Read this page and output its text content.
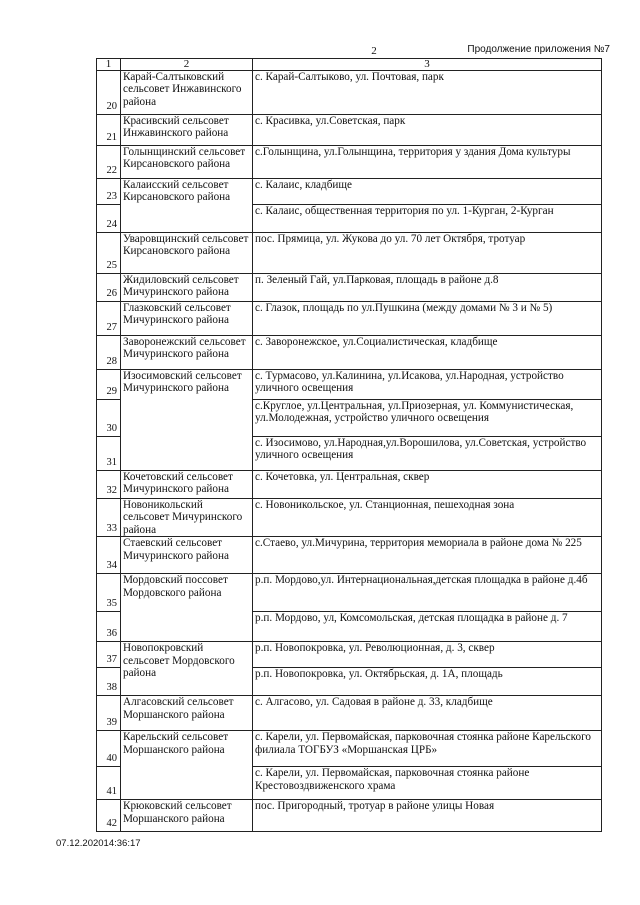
2	Продолжение приложения №7
1	2	3

20	Карай-Салтыковский сельсовет Инжавинского района	с. Карай-Салтыково, ул. Почтовая, парк

21	Красивский сельсовет Инжавинского района	с. Красивка, ул.Советская, парк

22	Голынщинский сельсовет Кирсановского района	с.Голынщина, ул.Голынщина, территория у здания Дома культуры

23	Калаисский сельсовет Кирсановского района	с. Калаис, кладбище

24		с. Калаис, общественная территория по ул. 1-Курган, 2-Курган

25	Уваровщинский сельсовет Кирсановского района	пос. Прямица, ул. Жукова до ул. 70 лет Октября, тротуар

26	Жидиловский сельсовет Мичуринского района	п. Зеленый Гай, ул.Парковая, площадь в районе д.8

27	Глазковский сельсовет Мичуринского района	с. Глазок, площадь по ул.Пушкина (между домами № 3 и № 5)

28	Заворонежский сельсовет Мичуринского района	с. Заворонежское, ул.Социалистическая, кладбище

29	Изосимовский сельсовет Мичуринского района	с. Турмасово, ул.Калинина, ул.Исакова, ул.Народная, устройство уличного освещения

30		с.Круглое, ул.Центральная, ул.Приозерная, ул. Коммунистическая, ул.Молодежная, устройство уличного освещения

31		с. Изосимово, ул.Народная,ул.Ворошилова, ул.Советская, устройство уличного освещения

32	Кочетовский сельсовет Мичуринского района	с. Кочетовка, ул. Центральная, сквер

33	Новоникольский сельсовет Мичуринского района	с. Новоникольское, ул. Станционная, пешеходная зона

34	Стаевский сельсовет Мичуринского района	с.Стаево, ул.Мичурина, территория мемориала в районе дома № 225

35	Мордовский поссовет Мордовского района	р.п. Мордово,ул. Интернациональная,детская площадка в районе д.4б

36		р.п. Мордово, ул, Комсомольская, детская площадка в районе д. 7

37	Новопокровский сельсовет Мордовского района	р.п. Новопокровка, ул. Революционная, д. 3, сквер

38		р.п. Новопокровка, ул. Октябрьская, д. 1А, площадь

39	Алгасовский сельсовет Моршанского района	с. Алгасово, ул. Садовая в районе д. 33, кладбище

40	Карельский сельсовет Моршанского района	с. Карели, ул. Первомайская, парковочная стоянка районе Карельского филиала ТОГБУЗ «Моршанская ЦРБ»

41		с. Карели, ул. Первомайская, парковочная стоянка районе Крестовоздвиженского храма

42	Крюковский сельсовет Моршанского района	пос. Пригородный, тротуар в районе улицы Новая
07.12.202014:36:17
